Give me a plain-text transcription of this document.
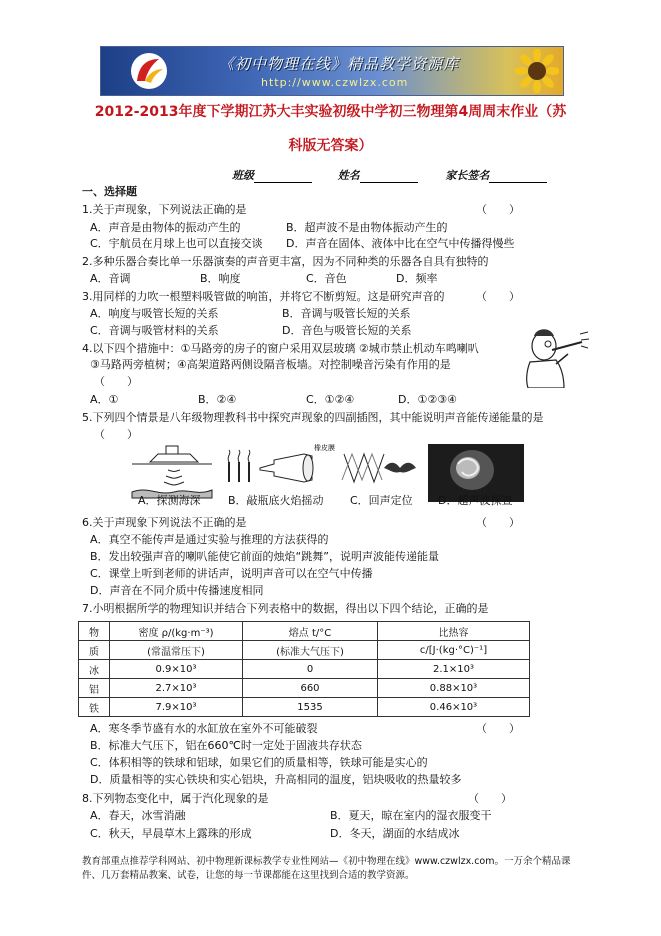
《初中物理在线》精品教学资源库
http://www.czwlzx.com
2012-2013年度下学期江苏大丰实验初级中学初三物理第4周周末作业（苏
科版无答案）
班级	姓名	家长签名
一、选择题
1.关于声现象，下列说法正确的是	（　　）
A．声音是由物体的振动产生的	B．超声波不是由物体振动产生的
C．宇航员在月球上也可以直接交谈 D．声音在固体、液体中比在空气中传播得慢些
2.多种乐器合奏比单一乐器演奏的声音更丰富，因为不同种类的乐器各自具有独特的
A．音调	B．响度	C．音色	D．频率
3.用同样的力吹一根塑料吸管做的响笛，并将它不断剪短。这是研究声音的	（　　）
A．响度与吸管长短的关系	B．音调与吸管长短的关系
C．音调与吸管材料的关系	D．音色与吸管长短的关系
4.以下四个措施中：①马路旁的房子的窗户采用双层玻璃 ②城市禁止机动车鸣喇叭
③马路两旁植树；④高架道路两侧设隔音板墙。对控制噪音污染有作用的是
（　　）
A．①	B．②④	C．①②④	D．①②③④
5.下列四个情景是八年级物理教科书中探究声现象的四副插图，其中能说明声音能传递能量的是
（　　）
橡皮膜
A．探测海深 B．敲瓶底火焰摇动 C．回声定位 D．超声波探查
6.关于声现象下列说法不正确的是	（　　）
A．真空不能传声是通过实验与推理的方法获得的
B．发出较强声音的喇叭能使它前面的烛焰“跳舞”，说明声波能传递能量
C．课堂上听到老师的讲话声，说明声音可以在空气中传播
D．声音在不同介质中传播速度相同
7.小明根据所学的物理知识并结合下列表格中的数据，得出以下四个结论，正确的是
物	密度 ρ/(kg·m⁻³)	熔点 t/°C	比热容
质	(常温常压下)	(标准大气压下)	c/[J·(kg·°C)⁻¹]
冰	0.9×10³	0	2.1×10³
铝	2.7×10³	660	0.88×10³
铁	7.9×10³	1535	0.46×10³
A．寒冬季节盛有水的水缸放在室外不可能破裂	（　　）
B．标准大气压下，铝在660℃时一定处于固液共存状态
C．体积相等的铁球和铝球，如果它们的质量相等，铁球可能是实心的
D．质量相等的实心铁块和实心铝块，升高相同的温度，铝块吸收的热量较多
8.下列物态变化中，属于汽化现象的是	（　　）
A．春天，冰雪消融	B．夏天，晾在室内的湿衣服变干
C．秋天，早晨草木上露珠的形成	D．冬天，湖面的水结成冰
教育部重点推荐学科网站、初中物理新课标教学专业性网站—《初中物理在线》www.czwlzx.com。一万余个精品课
件、几万套精品教案、试卷，让您的每一节课都能在这里找到合适的教学资源。
